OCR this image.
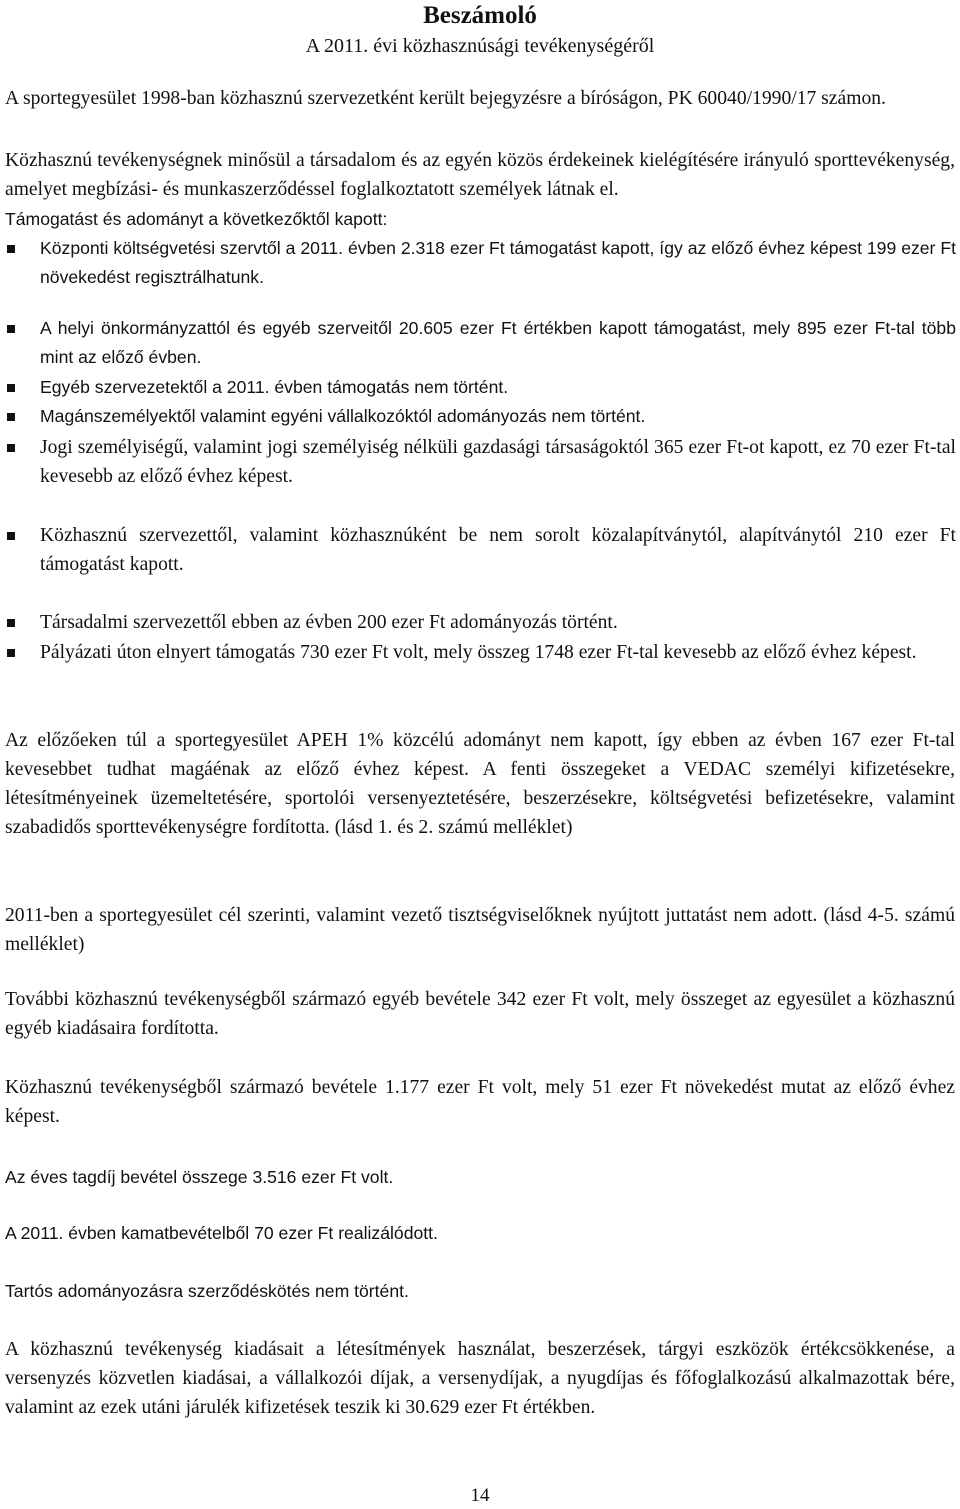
Beszámoló
A 2011. évi közhasznúsági tevékenységéről
A sportegyesület 1998-ban közhasznú szervezetként került bejegyzésre a bíróságon, PK 60040/1990/17 számon.
Közhasznú tevékenységnek minősül a társadalom és az egyén közös érdekeinek kielégítésére irányuló sporttevékenység, amelyet megbízási- és munkaszerződéssel foglalkoztatott személyek látnak el.
Támogatást és adományt a következőktől kapott:
Központi költségvetési szervtől a 2011. évben 2.318 ezer Ft támogatást kapott, így az előző évhez képest 199 ezer Ft növekedést regisztrálhatunk.
A helyi önkormányzattól és egyéb szerveitől 20.605 ezer Ft értékben kapott támogatást, mely 895 ezer Ft-tal több mint az előző évben.
Egyéb szervezetektől a 2011. évben támogatás nem történt.
Magánszemélyektől valamint egyéni vállalkozóktól adományozás nem történt.
Jogi személyiségű, valamint jogi személyiség nélküli gazdasági társaságoktól 365 ezer Ft-ot kapott, ez 70 ezer Ft-tal kevesebb az előző évhez képest.
Közhasznú szervezettől, valamint közhasznúként be nem sorolt közalapítványtól, alapítványtól 210 ezer Ft támogatást kapott.
Társadalmi szervezettől ebben az évben 200 ezer Ft adományozás történt.
Pályázati úton elnyert támogatás 730 ezer Ft volt, mely összeg 1748 ezer Ft-tal kevesebb az előző évhez képest.
Az előzőeken túl a sportegyesület APEH 1% közcélú adományt nem kapott, így ebben az évben 167 ezer Ft-tal kevesebbet tudhat magáénak az előző évhez képest. A fenti összegeket a VEDAC személyi kifizetésekre, létesítményeinek üzemeltetésére, sportolói versenyeztetésére, beszerzésekre, költségvetési befizetésekre, valamint szabadidős sporttevékenységre fordította. (lásd 1. és 2. számú melléklet)
2011-ben a sportegyesület cél szerinti, valamint vezető tisztségviselőknek nyújtott juttatást nem adott. (lásd 4-5. számú melléklet)
További közhasznú tevékenységből származó egyéb bevétele 342 ezer Ft volt, mely összeget az egyesület a közhasznú egyéb kiadásaira fordította.
Közhasznú tevékenységből származó bevétele 1.177 ezer Ft volt, mely 51 ezer Ft növekedést mutat az előző évhez képest.
Az éves tagdíj bevétel összege 3.516 ezer Ft volt.
A 2011. évben kamatbevételből 70 ezer Ft realizálódott.
Tartós adományozásra szerződéskötés nem történt.
A közhasznú tevékenység kiadásait a létesítmények használat, beszerzések, tárgyi eszközök értékcsökkenése, a versenyzés közvetlen kiadásai, a vállalkozói díjak, a versenydíjak, a nyugdíjas és főfoglalkozású alkalmazottak bére, valamint az ezek utáni járulék kifizetések teszik ki 30.629 ezer Ft értékben.
14
